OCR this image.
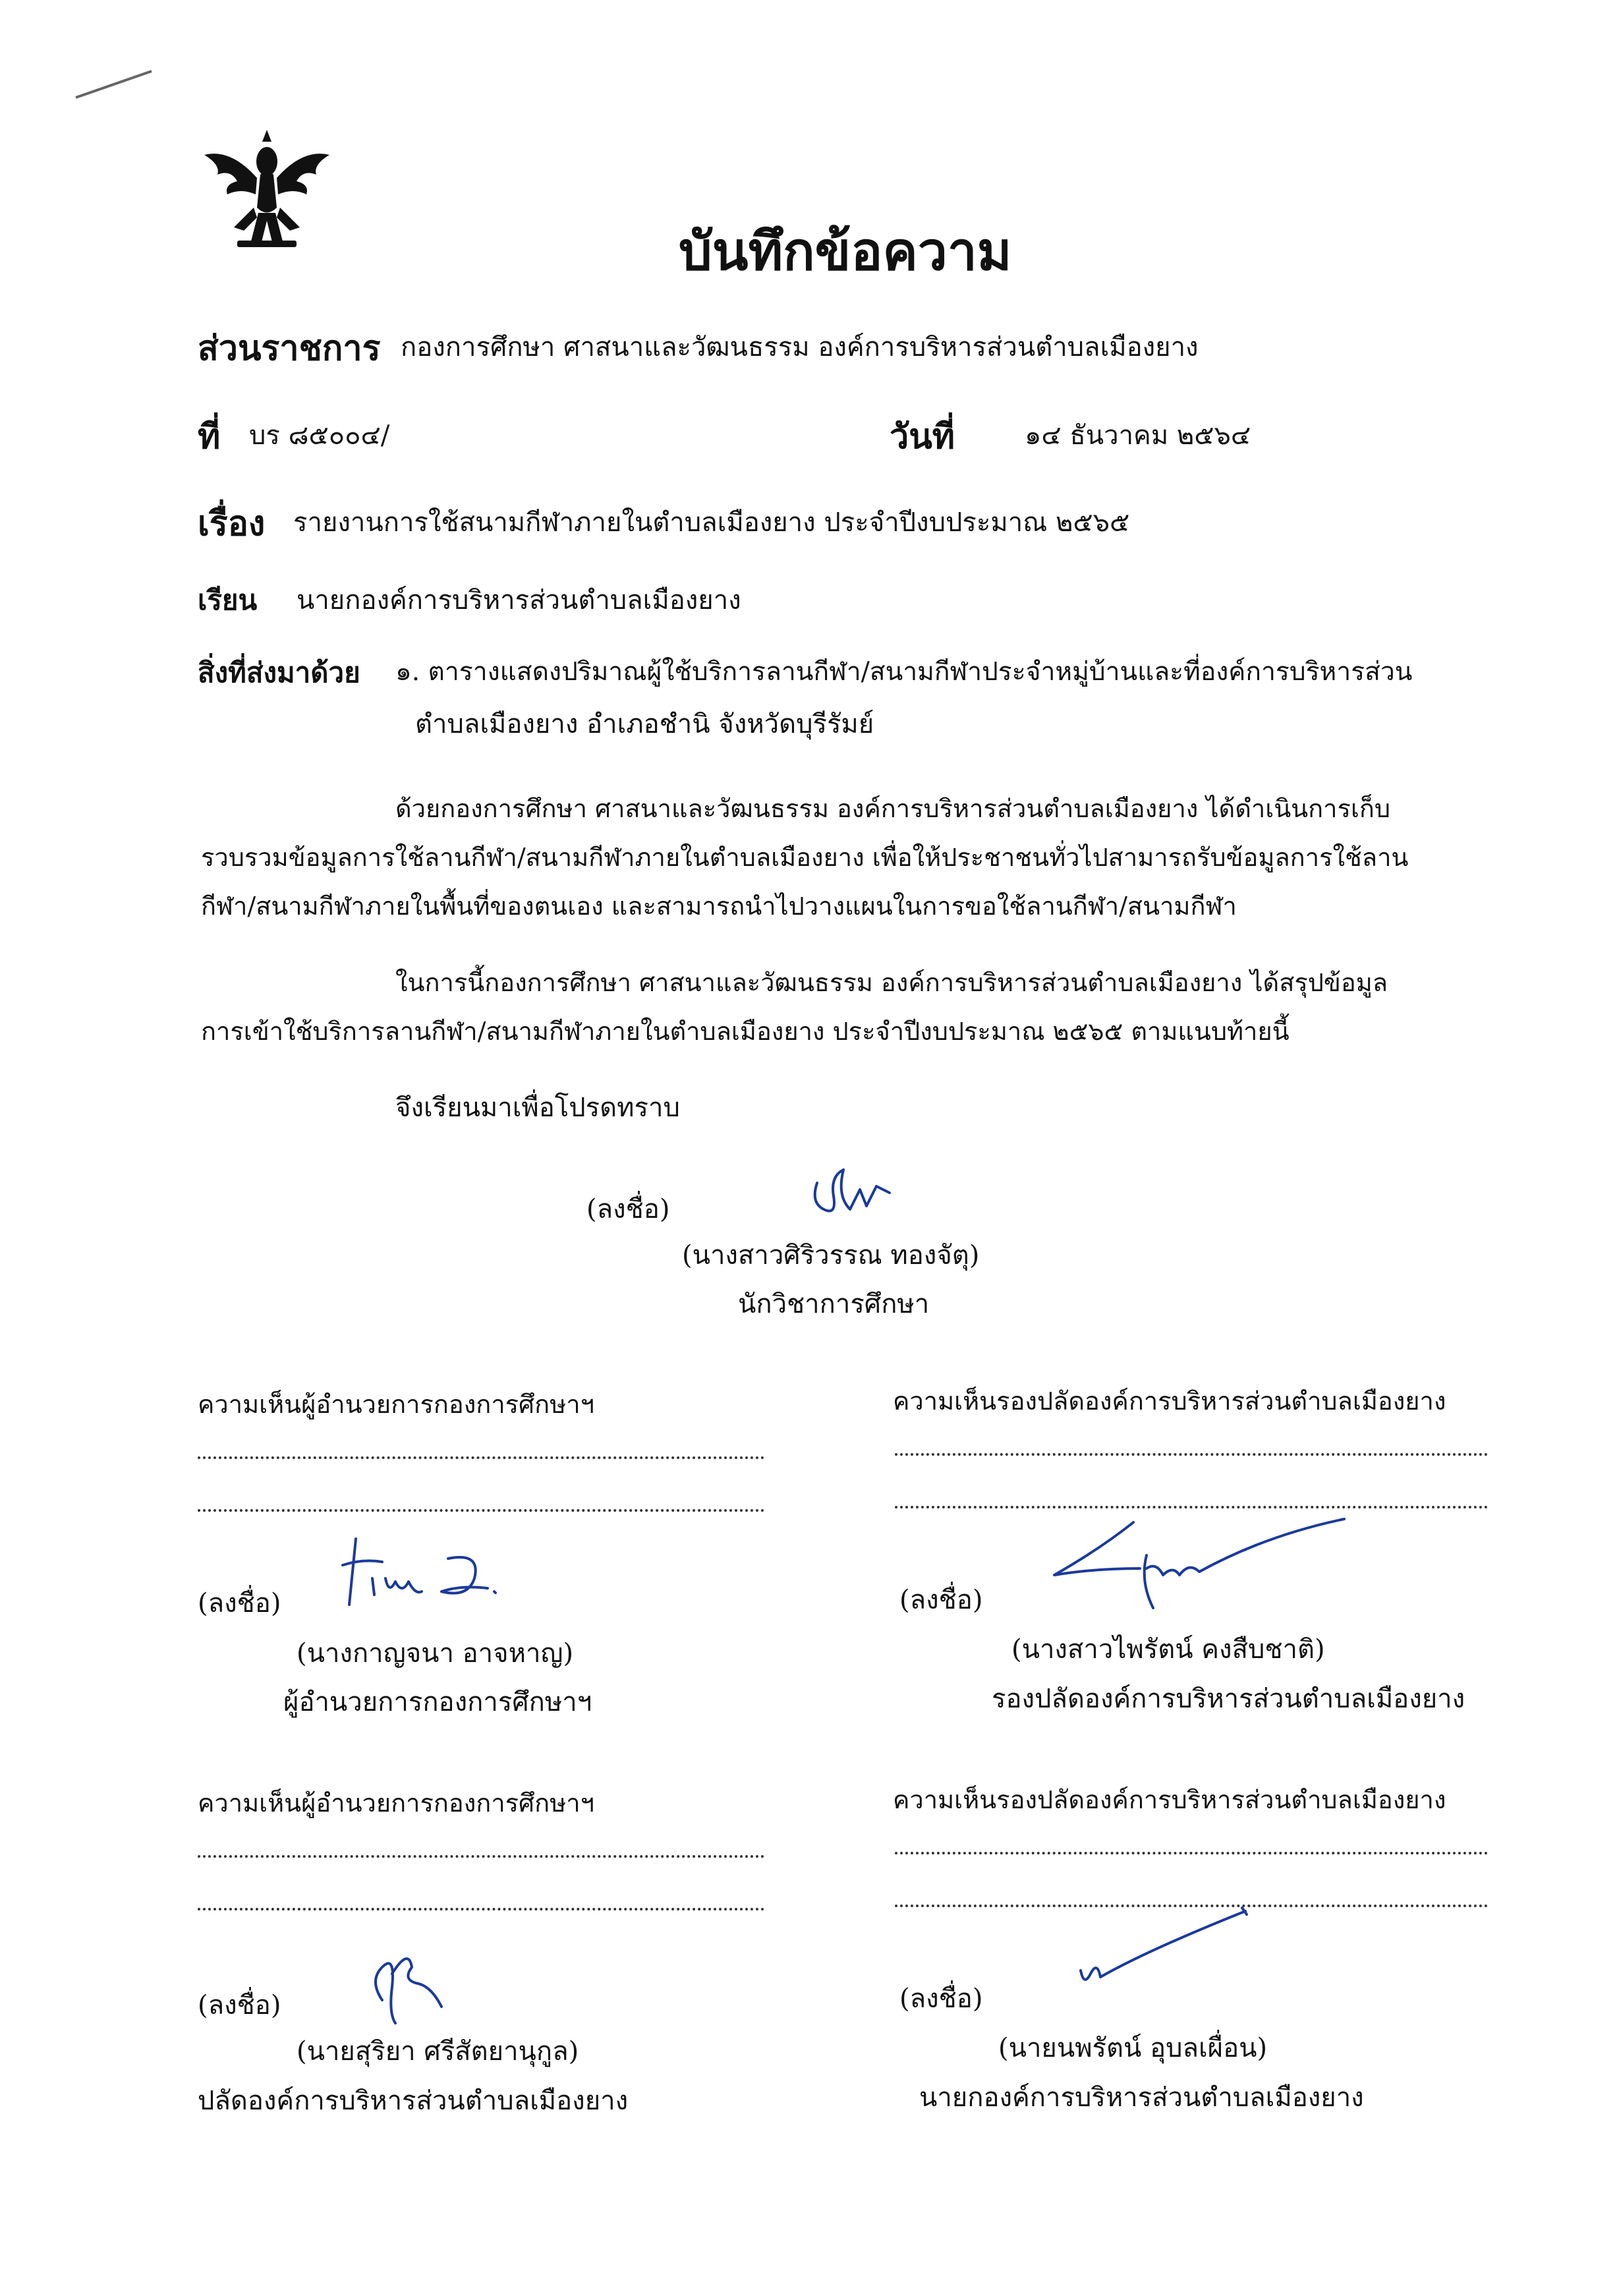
บันทึกข้อความ
ส่วนราชการ กองการศึกษา ศาสนาและวัฒนธรรม องค์การบริหารส่วนตำบลเมืองยาง
ที่ บร ๘๕๐๐๔/	วันที่	๑๔ ธันวาคม ๒๕๖๔
เรื่อง รายงานการใช้สนามกีฬาภายในตำบลเมืองยาง ประจำปีงบประมาณ ๒๕๖๕
เรียน นายกองค์การบริหารส่วนตำบลเมืองยาง
สิ่งที่ส่งมาด้วย ๑. ตารางแสดงปริมาณผู้ใช้บริการลานกีฬา/สนามกีฬาประจำหมู่บ้านและที่องค์การบริหารส่วน
ตำบลเมืองยาง อำเภอชำนิ จังหวัดบุรีรัมย์
ด้วยกองการศึกษา ศาสนาและวัฒนธรรม องค์การบริหารส่วนตำบลเมืองยาง ได้ดำเนินการเก็บ
รวบรวมข้อมูลการใช้ลานกีฬา/สนามกีฬาภายในตำบลเมืองยาง เพื่อให้ประชาชนทั่วไปสามารถรับข้อมูลการใช้ลาน
กีฬา/สนามกีฬาภายในพื้นที่ของตนเอง และสามารถนำไปวางแผนในการขอใช้ลานกีฬา/สนามกีฬา
ในการนี้กองการศึกษา ศาสนาและวัฒนธรรม องค์การบริหารส่วนตำบลเมืองยาง ได้สรุปข้อมูล
การเข้าใช้บริการลานกีฬา/สนามกีฬาภายในตำบลเมืองยาง ประจำปีงบประมาณ ๒๕๖๕ ตามแนบท้ายนี้
จึงเรียนมาเพื่อโปรดทราบ
(ลงชื่อ)
(นางสาวศิริวรรณ ทองจัตุ)
นักวิชาการศึกษา
ความเห็นผู้อำนวยการกองการศึกษาฯ
(ลงชื่อ)
(นางกาญจนา อาจหาญ)
ผู้อำนวยการกองการศึกษาฯ
ความเห็นรองปลัดองค์การบริหารส่วนตำบลเมืองยาง
(ลงชื่อ)
(นางสาวไพรัตน์ คงสืบชาติ)
รองปลัดองค์การบริหารส่วนตำบลเมืองยาง
ความเห็นผู้อำนวยการกองการศึกษาฯ
(ลงชื่อ)
(นายสุริยา ศรีสัตยานุกูล)
ปลัดองค์การบริหารส่วนตำบลเมืองยาง
ความเห็นรองปลัดองค์การบริหารส่วนตำบลเมืองยาง
(ลงชื่อ)
(นายนพรัตน์ อุบลเผื่อน)
นายกองค์การบริหารส่วนตำบลเมืองยาง
